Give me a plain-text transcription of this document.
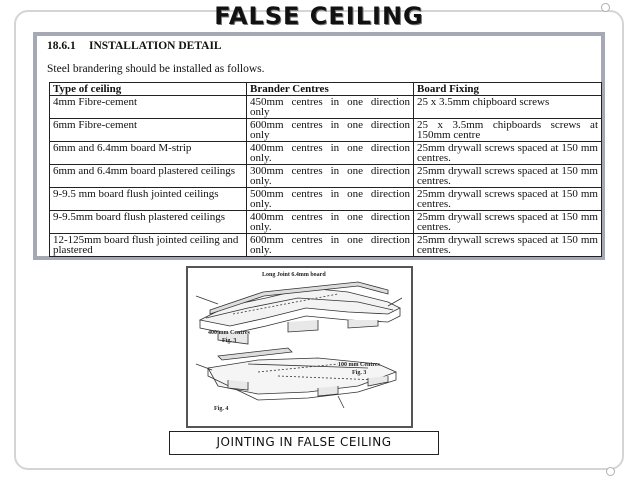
FALSE CEILING
18.6.1 INSTALLATION DETAIL
Steel brandering should be installed as follows.
Type of ceiling	Brander Centres	Board Fixing
4mm Fibre-cement	450mm centres in one direction only	25 x 3.5mm chipboard screws
6mm Fibre-cement	600mm centres in one direction only	25 x 3.5mm chipboards screws at 150mm centre
6mm and 6.4mm board M-strip	400mm centres in one direction only.	25mm drywall screws spaced at 150 mm centres.
6mm and 6.4mm board plastered ceilings	300mm centres in one direction only.	25mm drywall screws spaced at 150 mm centres.
9-9.5 mm board flush jointed ceilings	500mm centres in one direction only.	25mm drywall screws spaced at 150 mm centres.
9-9.5mm board flush plastered ceilings	400mm centres in one direction only.	25mm drywall screws spaced at 150 mm centres.
12-125mm board flush jointed ceiling and plastered	600mm centres in one direction only.	25mm drywall screws spaced at 150 mm centres.
Long Joint 6.4mm board
400 mm Centres
Fig. 3
100 mm Centres
Fig. 3
Fig. 4
JOINTING IN FALSE CEILING
